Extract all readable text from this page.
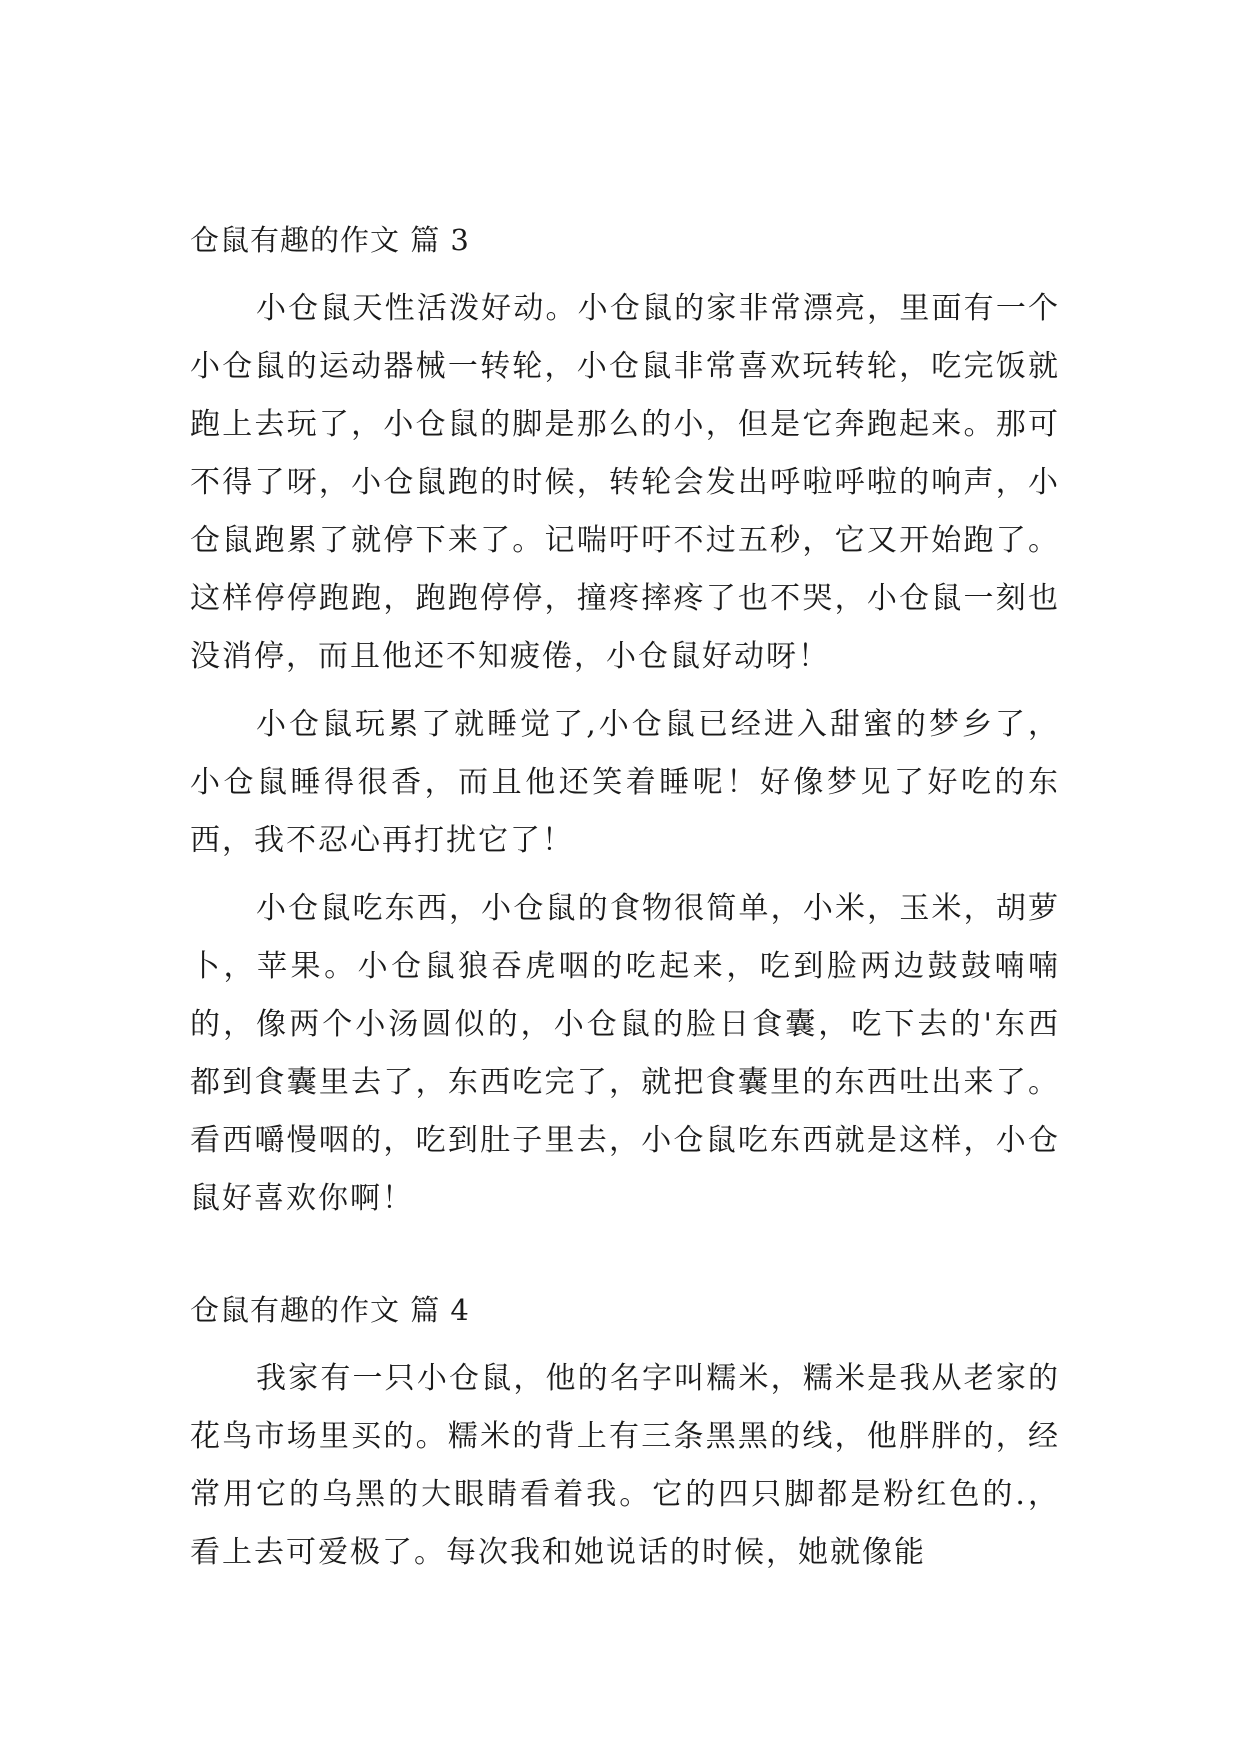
仓鼠有趣的作文 篇 3

小仓鼠天性活泼好动。小仓鼠的家非常漂亮，里面有一个小仓鼠的运动器械一转轮，小仓鼠非常喜欢玩转轮，吃完饭就跑上去玩了，小仓鼠的脚是那么的小，但是它奔跑起来。那可不得了呀，小仓鼠跑的时候，转轮会发出呼啦呼啦的响声，小仓鼠跑累了就停下来了。记喘吁吁不过五秒，它又开始跑了。这样停停跑跑，跑跑停停，撞疼摔疼了也不哭，小仓鼠一刻也没消停，而且他还不知疲倦，小仓鼠好动呀！

小仓鼠玩累了就睡觉了,小仓鼠已经进入甜蜜的梦乡了，小仓鼠睡得很香，而且他还笑着睡呢！好像梦见了好吃的东西，我不忍心再打扰它了！

小仓鼠吃东西，小仓鼠的食物很简单，小米，玉米，胡萝卜，苹果。小仓鼠狼吞虎咽的吃起来，吃到脸两边鼓鼓喃喃的，像两个小汤圆似的，小仓鼠的脸日食囊，吃下去的'东西都到食囊里去了，东西吃完了，就把食囊里的东西吐出来了。看西嚼慢咽的，吃到肚子里去，小仓鼠吃东西就是这样，小仓鼠好喜欢你啊！

仓鼠有趣的作文 篇 4

我家有一只小仓鼠，他的名字叫糯米，糯米是我从老家的花鸟市场里买的。糯米的背上有三条黑黑的线，他胖胖的，经常用它的乌黑的大眼睛看着我。它的四只脚都是粉红色的.，看上去可爱极了。每次我和她说话的时候，她就像能
